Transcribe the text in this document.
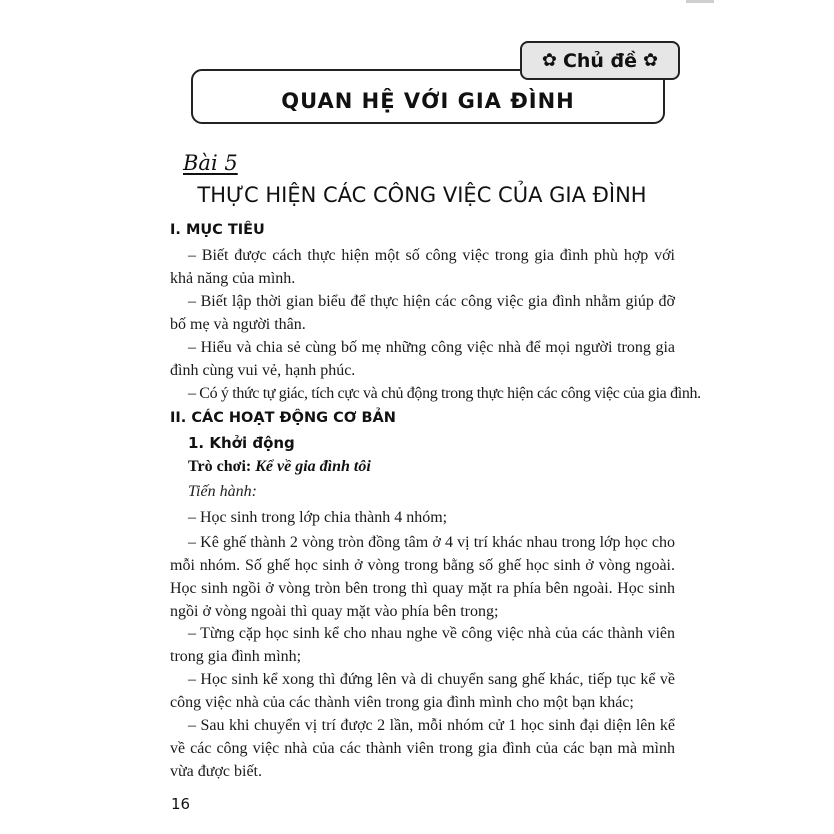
QUAN HỆ VỚI GIA ĐÌNH
✿ Chủ đề ✿
Bài 5
THỰC HIỆN CÁC CÔNG VIỆC CỦA GIA ĐÌNH
I. MỤC TIÊU
– Biết được cách thực hiện một số công việc trong gia đình phù hợp với khả năng của mình.
– Biết lập thời gian biểu để thực hiện các công việc gia đình nhằm giúp đỡ bố mẹ và người thân.
– Hiểu và chia sẻ cùng bố mẹ những công việc nhà để mọi người trong gia đình cùng vui vẻ, hạnh phúc.
– Có ý thức tự giác, tích cực và chủ động trong thực hiện các công việc của gia đình.
II. CÁC HOẠT ĐỘNG CƠ BẢN
1. Khởi động
Trò chơi: Kể về gia đình tôi
Tiến hành:
– Học sinh trong lớp chia thành 4 nhóm;
– Kê ghế thành 2 vòng tròn đồng tâm ở 4 vị trí khác nhau trong lớp học cho mỗi nhóm. Số ghế học sinh ở vòng trong bằng số ghế học sinh ở vòng ngoài. Học sinh ngồi ở vòng tròn bên trong thì quay mặt ra phía bên ngoài. Học sinh ngồi ở vòng ngoài thì quay mặt vào phía bên trong;
– Từng cặp học sinh kể cho nhau nghe về công việc nhà của các thành viên trong gia đình mình;
– Học sinh kể xong thì đứng lên và di chuyển sang ghế khác, tiếp tục kể về công việc nhà của các thành viên trong gia đình mình cho một bạn khác;
– Sau khi chuyển vị trí được 2 lần, mỗi nhóm cử 1 học sinh đại diện lên kể về các công việc nhà của các thành viên trong gia đình của các bạn mà mình vừa được biết.
16
